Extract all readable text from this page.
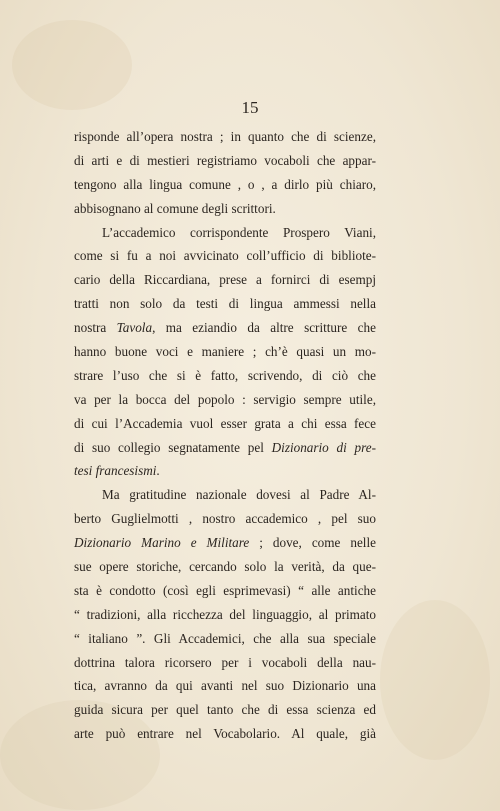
15
risponde all’opera nostra ; in quanto che di scienze,
di arti e di mestieri registriamo vocaboli che appar-
tengono alla lingua comune , o , a dirlo più chiaro,
abbisognano al comune degli scrittori.
L’accademico corrispondente Prospero Viani,
come si fu a noi avvicinato coll’ufficio di bibliote-
cario della Riccardiana, prese a fornirci di esempj
tratti non solo da testi di lingua ammessi nella
nostra Tavola, ma eziandio da altre scritture che
hanno buone voci e maniere ; ch’è quasi un mo-
strare l’uso che si è fatto, scrivendo, di ciò che
va per la bocca del popolo : servigio sempre utile,
di cui l’Accademia vuol esser grata a chi essa fece
di suo collegio segnatamente pel Dizionario di pre-
tesi francesismi.
Ma gratitudine nazionale dovesi al Padre Al-
berto Guglielmotti , nostro accademico , pel suo
Dizionario Marino e Militare ; dove, come nelle
sue opere storiche, cercando solo la verità, da que-
sta è condotto (così egli esprimevasi) “ alle antiche
“ tradizioni, alla ricchezza del linguaggio, al primato
“ italiano ”. Gli Accademici, che alla sua speciale
dottrina talora ricorsero per i vocaboli della nau-
tica, avranno da qui avanti nel suo Dizionario una
guida sicura per quel tanto che di essa scienza ed
arte può entrare nel Vocabolario. Al quale, già
